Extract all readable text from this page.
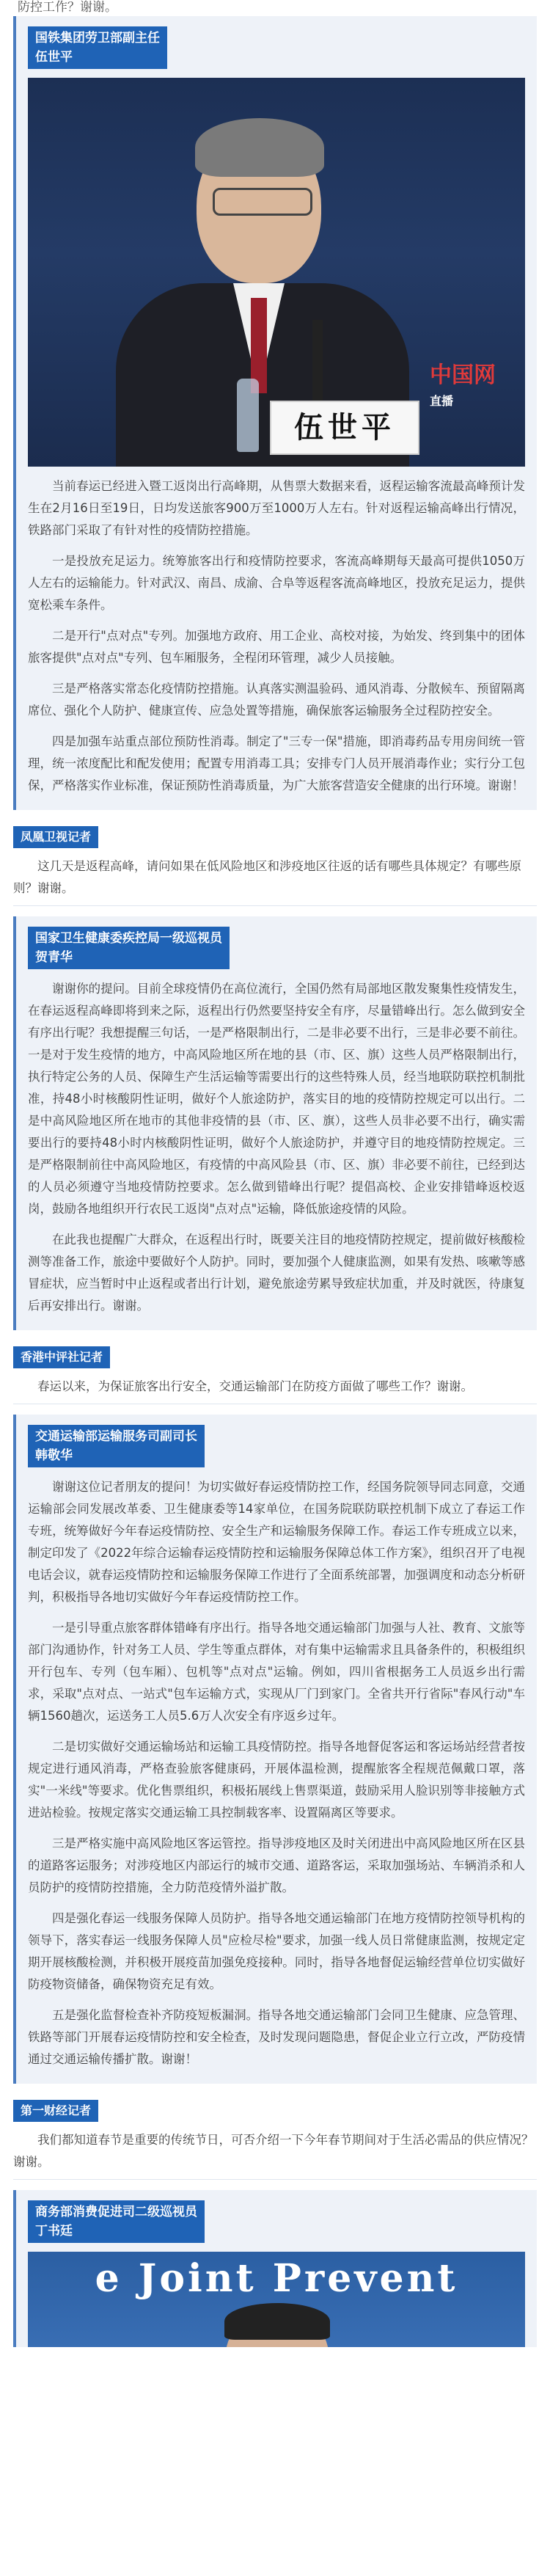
防控工作？谢谢。
国铁集团劳卫部副主任
伍世平
伍世平
中国网
直播

当前春运已经进入暨工返岗出行高峰期，从售票大数据来看，返程运输客流最高峰预计发生在2月16日至19日，日均发送旅客900万至1000万人左右。针对返程运输高峰出行情况，铁路部门采取了有针对性的疫情防控措施。

一是投放充足运力。统筹旅客出行和疫情防控要求，客流高峰期每天最高可提供1050万人左右的运输能力。针对武汉、南昌、成渝、合阜等返程客流高峰地区，投放充足运力，提供宽松乘车条件。

二是开行"点对点"专列。加强地方政府、用工企业、高校对接，为始发、终到集中的团体旅客提供"点对点"专列、包车厢服务，全程闭环管理，减少人员接触。

三是严格落实常态化疫情防控措施。认真落实测温验码、通风消毒、分散候车、预留隔离席位、强化个人防护、健康宣传、应急处置等措施，确保旅客运输服务全过程防控安全。

四是加强车站重点部位预防性消毒。制定了"三专一保"措施，即消毒药品专用房间统一管理，统一浓度配比和配发使用；配置专用消毒工具；安排专门人员开展消毒作业；实行分工包保，严格落实作业标准，保证预防性消毒质量，为广大旅客营造安全健康的出行环境。谢谢！

凤凰卫视记者
这几天是返程高峰，请问如果在低风险地区和涉疫地区往返的话有哪些具体规定？有哪些原则？谢谢。
国家卫生健康委疾控局一级巡视员
贺青华

谢谢你的提问。目前全球疫情仍在高位流行，全国仍然有局部地区散发聚集性疫情发生，在春运返程高峰即将到来之际，返程出行仍然要坚持安全有序，尽量错峰出行。怎么做到安全有序出行呢？我想提醒三句话，一是严格限制出行，二是非必要不出行，三是非必要不前往。一是对于发生疫情的地方，中高风险地区所在地的县（市、区、旗）这些人员严格限制出行，执行特定公务的人员、保障生产生活运输等需要出行的这些特殊人员，经当地联防联控机制批准，持48小时核酸阴性证明，做好个人旅途防护，落实目的地的疫情防控规定可以出行。二是中高风险地区所在地市的其他非疫情的县（市、区、旗），这些人员非必要不出行，确实需要出行的要持48小时内核酸阴性证明，做好个人旅途防护，并遵守目的地疫情防控规定。三是严格限制前往中高风险地区，有疫情的中高风险县（市、区、旗）非必要不前往，已经到达的人员必须遵守当地疫情防控要求。怎么做到错峰出行呢？提倡高校、企业安排错峰返校返岗，鼓励各地组织开行农民工返岗"点对点"运输，降低旅途疫情的风险。

在此我也提醒广大群众，在返程出行时，既要关注目的地疫情防控规定，提前做好核酸检测等准备工作，旅途中要做好个人防护。同时，要加强个人健康监测，如果有发热、咳嗽等感冒症状，应当暂时中止返程或者出行计划，避免旅途劳累导致症状加重，并及时就医，待康复后再安排出行。谢谢。

香港中评社记者
春运以来，为保证旅客出行安全，交通运输部门在防疫方面做了哪些工作？谢谢。
交通运输部运输服务司副司长
韩敬华

谢谢这位记者朋友的提问！为切实做好春运疫情防控工作，经国务院领导同志同意，交通运输部会同发展改革委、卫生健康委等14家单位，在国务院联防联控机制下成立了春运工作专班，统筹做好今年春运疫情防控、安全生产和运输服务保障工作。春运工作专班成立以来，制定印发了《2022年综合运输春运疫情防控和运输服务保障总体工作方案》，组织召开了电视电话会议，就春运疫情防控和运输服务保障工作进行了全面系统部署，加强调度和动态分析研判，积极指导各地切实做好今年春运疫情防控工作。

一是引导重点旅客群体错峰有序出行。指导各地交通运输部门加强与人社、教育、文旅等部门沟通协作，针对务工人员、学生等重点群体，对有集中运输需求且具备条件的，积极组织开行包车、专列（包车厢）、包机等"点对点"运输。例如，四川省根据务工人员返乡出行需求，采取"点对点、一站式"包车运输方式，实现从厂门到家门。全省共开行省际"春风行动"车辆1560趟次，运送务工人员5.6万人次安全有序返乡过年。

二是切实做好交通运输场站和运输工具疫情防控。指导各地督促客运和客运场站经营者按规定进行通风消毒，严格查验旅客健康码，开展体温检测，提醒旅客全程规范佩戴口罩，落实"一米线"等要求。优化售票组织，积极拓展线上售票渠道，鼓励采用人脸识别等非接触方式进站检验。按规定落实交通运输工具控制载客率、设置隔离区等要求。

三是严格实施中高风险地区客运管控。指导涉疫地区及时关闭进出中高风险地区所在区县的道路客运服务；对涉疫地区内部运行的城市交通、道路客运，采取加强场站、车辆消杀和人员防护的疫情防控措施，全力防范疫情外溢扩散。

四是强化春运一线服务保障人员防护。指导各地交通运输部门在地方疫情防控领导机构的领导下，落实春运一线服务保障人员"应检尽检"要求，加强一线人员日常健康监测，按规定定期开展核酸检测，并积极开展疫苗加强免疫接种。同时，指导各地督促运输经营单位切实做好防疫物资储备，确保物资充足有效。

五是强化监督检查补齐防疫短板漏洞。指导各地交通运输部门会同卫生健康、应急管理、铁路等部门开展春运疫情防控和安全检查，及时发现问题隐患，督促企业立行立改，严防疫情通过交通运输传播扩散。谢谢！

第一财经记者
我们都知道春节是重要的传统节日，可否介绍一下今年春节期间对于生活必需品的供应情况？谢谢。
商务部消费促进司二级巡视员
丁书廷
e Joint Prevent
